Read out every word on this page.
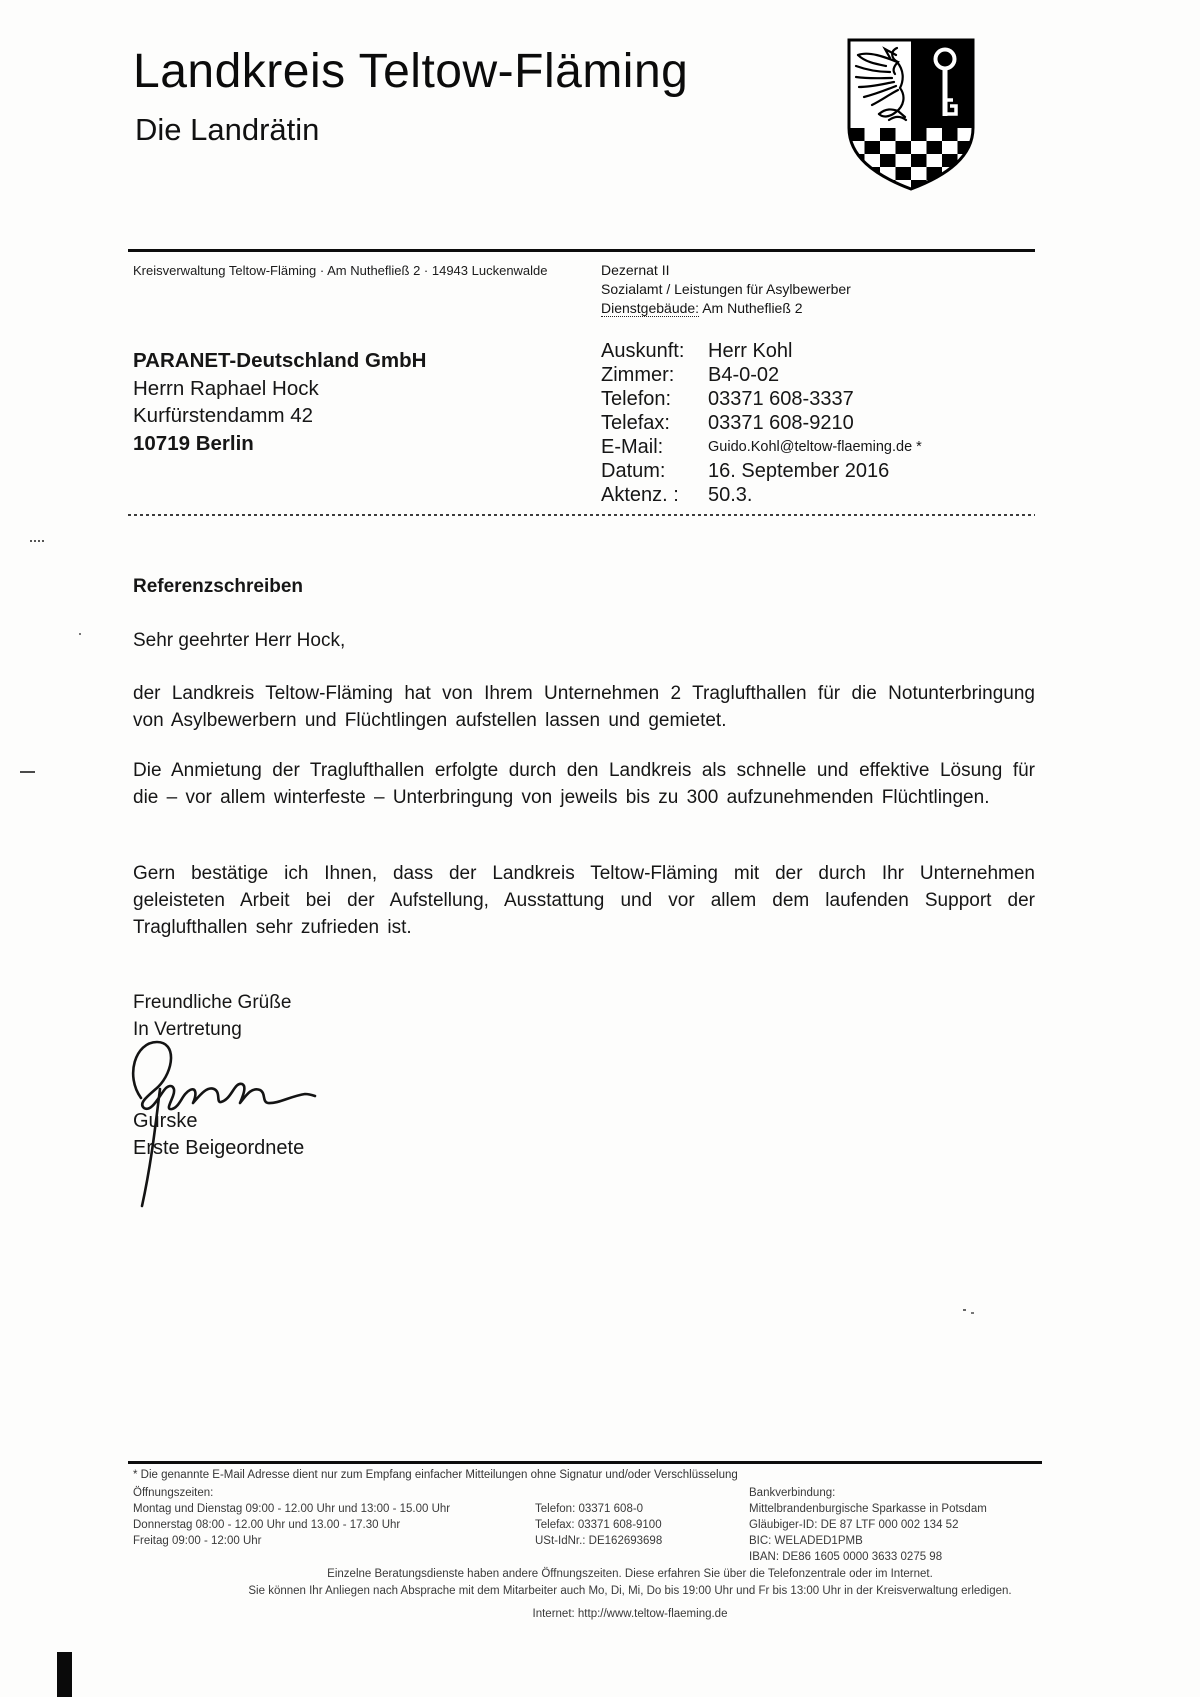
Landkreis Teltow-Fläming
Die Landrätin
Kreisverwaltung Teltow-Fläming · Am Nuthefließ 2 · 14943 Luckenwalde	Dezernat II
Sozialamt / Leistungen für Asylbewerber
Dienstgebäude: Am Nuthefließ 2
PARANET-Deutschland GmbH
Herrn Raphael Hock
Kurfürstendamm 42
10719 Berlin
Auskunft:	Herr Kohl
Zimmer:	B4-0-02
Telefon:	03371 608-3337
Telefax:	03371 608-9210
E-Mail:	Guido.Kohl@teltow-flaeming.de *
Datum:	16. September 2016
Aktenz. :	50.3.
Referenzschreiben
Sehr geehrter Herr Hock,
der Landkreis Teltow-Fläming hat von Ihrem Unternehmen 2 Traglufthallen für die Notunterbringung von Asylbewerbern und Flüchtlingen aufstellen lassen und gemietet.
Die Anmietung der Traglufthallen erfolgte durch den Landkreis als schnelle und effektive Lösung für die – vor allem winterfeste – Unterbringung von jeweils bis zu 300 aufzunehmenden Flüchtlingen.
Gern bestätige ich Ihnen, dass der Landkreis Teltow-Fläming mit der durch Ihr Unternehmen geleisteten Arbeit bei der Aufstellung, Ausstattung und vor allem dem laufenden Support der Traglufthallen sehr zufrieden ist.
Freundliche Grüße
In Vertretung
Gurske
Erste Beigeordnete
* Die genannte E-Mail Adresse dient nur zum Empfang einfacher Mitteilungen ohne Signatur und/oder Verschlüsselung
Öffnungszeiten:
Montag und Dienstag 09:00 - 12.00 Uhr und 13:00 - 15.00 Uhr
Donnerstag 08:00 - 12.00 Uhr und 13.00 - 17.30 Uhr
Freitag 09:00 - 12:00 Uhr
Telefon: 03371 608-0
Telefax: 03371 608-9100
USt-IdNr.: DE162693698
Bankverbindung:
Mittelbrandenburgische Sparkasse in Potsdam
Gläubiger-ID: DE 87 LTF 000 002 134 52
BIC: WELADED1PMB
IBAN: DE86 1605 0000 3633 0275 98
Einzelne Beratungsdienste haben andere Öffnungszeiten. Diese erfahren Sie über die Telefonzentrale oder im Internet.
Sie können Ihr Anliegen nach Absprache mit dem Mitarbeiter auch Mo, Di, Mi, Do bis 19:00 Uhr und Fr bis 13:00 Uhr in der Kreisverwaltung erledigen.
Internet: http://www.teltow-flaeming.de
